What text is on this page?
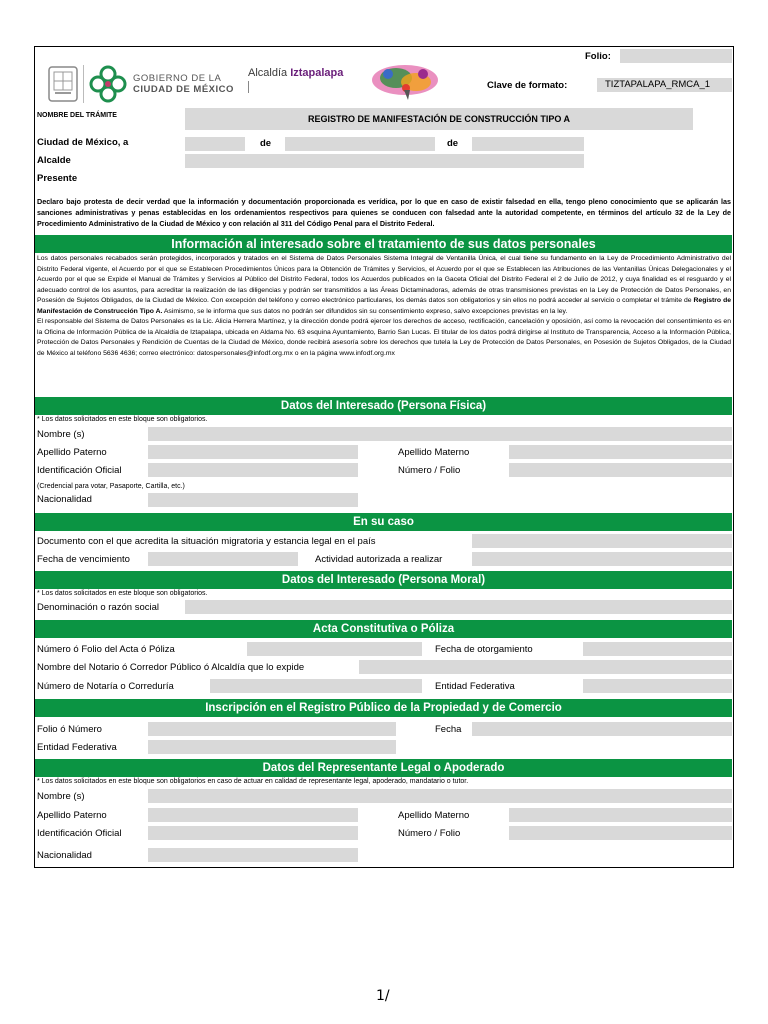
GOBIERNO DE LA
CIUDAD DE MÉXICO
Alcaldía Iztapalapa
Folio:
Clave de formato:	TIZTAPALAPA_RMCA_1
NOMBRE DEL TRÁMITE	REGISTRO DE MANIFESTACIÓN DE CONSTRUCCIÓN TIPO A
Ciudad de México, a	de	de
Alcalde
Presente
Declaro bajo protesta de decir verdad que la información y documentación proporcionada es verídica, por lo que en caso de existir falsedad en ella, tengo pleno conocimiento que se aplicarán las sanciones administrativas y penas establecidas en los ordenamientos respectivos para quienes se conducen con falsedad ante la autoridad competente, en términos del artículo 32 de la Ley de Procedimiento Administrativo de la Ciudad de México y con relación al 311 del Código Penal para el Distrito Federal.
Información al interesado sobre el tratamiento de sus datos personales

Los datos personales recabados serán protegidos, incorporados y tratados en el Sistema de Datos Personales Sistema Integral de Ventanilla Única, el cual tiene su fundamento en la Ley de Procedimiento Administrativo del Distrito Federal vigente, el Acuerdo por el que se Establecen Procedimientos Únicos para la Obtención de Trámites y Servicios, el Acuerdo por el que se Establecen las Atribuciones de las Ventanillas Únicas Delegacionales y el Acuerdo por el que se Expide el Manual de Trámites y Servicios al Público del Distrito Federal, todos los Acuerdos publicados en la Gaceta Oficial del Distrito Federal el 2 de Julio de 2012, y cuya finalidad es el resguardo y el adecuado control de los asuntos, para acreditar la realización de las diligencias y podrán ser transmitidos a las Áreas Dictaminadoras, además de otras transmisiones previstas en la Ley de Protección de Datos Personales, en Posesión de Sujetos Obligados, de la Ciudad de México. Con excepción del teléfono y correo electrónico particulares, los demás datos son obligatorios y sin ellos no podrá acceder al servicio o completar el trámite de Registro de Manifestación de Construcción Tipo A. Asimismo, se le informa que sus datos no podrán ser difundidos sin su consentimiento expreso, salvo excepciones previstas en la ley.

El responsable del Sistema de Datos Personales es la Lic. Alicia Herrera Martínez, y la dirección donde podrá ejercer los derechos de acceso, rectificación, cancelación y oposición, así como la revocación del consentimiento es en la Oficina de Información Pública de la Alcaldía de Iztapalapa, ubicada en Aldama No. 63 esquina Ayuntamiento, Barrio San Lucas. El titular de los datos podrá dirigirse al Instituto de Transparencia, Acceso a la Información Pública, Protección de Datos Personales y Rendición de Cuentas de la Ciudad de México, donde recibirá asesoría sobre los derechos que tutela la Ley de Protección de Datos Personales, en Posesión de Sujetos Obligados, de la Ciudad de México al teléfono 5636 4636; correo electrónico: datospersonales@infodf.org.mx o en la página www.infodf.org.mx

Datos del Interesado (Persona Física)
* Los datos solicitados en este bloque son obligatorios.
Nombre (s)
Apellido Paterno	Apellido Materno
Identificación Oficial	Número / Folio
(Credencial para votar, Pasaporte, Cartilla, etc.)
Nacionalidad
En su caso
Documento con el que acredita la situación migratoria y estancia legal en el país
Fecha de vencimiento	Actividad autorizada a realizar
Datos del Interesado (Persona Moral)
* Los datos solicitados en este bloque son obligatorios.
Denominación o razón social
Acta Constitutiva o Póliza
Número ó Folio del Acta ó Póliza	Fecha de otorgamiento
Nombre del Notario ó Corredor Público ó Alcaldía que lo expide
Número de Notaría o Correduría	Entidad Federativa
Inscripción en el Registro Público de la Propiedad y de Comercio
Folio ó Número	Fecha
Entidad Federativa
Datos del Representante Legal o Apoderado
* Los datos solicitados en este bloque son obligatorios en caso de actuar en calidad de representante legal, apoderado, mandatario o tutor.
Nombre (s)
Apellido Paterno	Apellido Materno
Identificación Oficial	Número / Folio
Nacionalidad
1/
